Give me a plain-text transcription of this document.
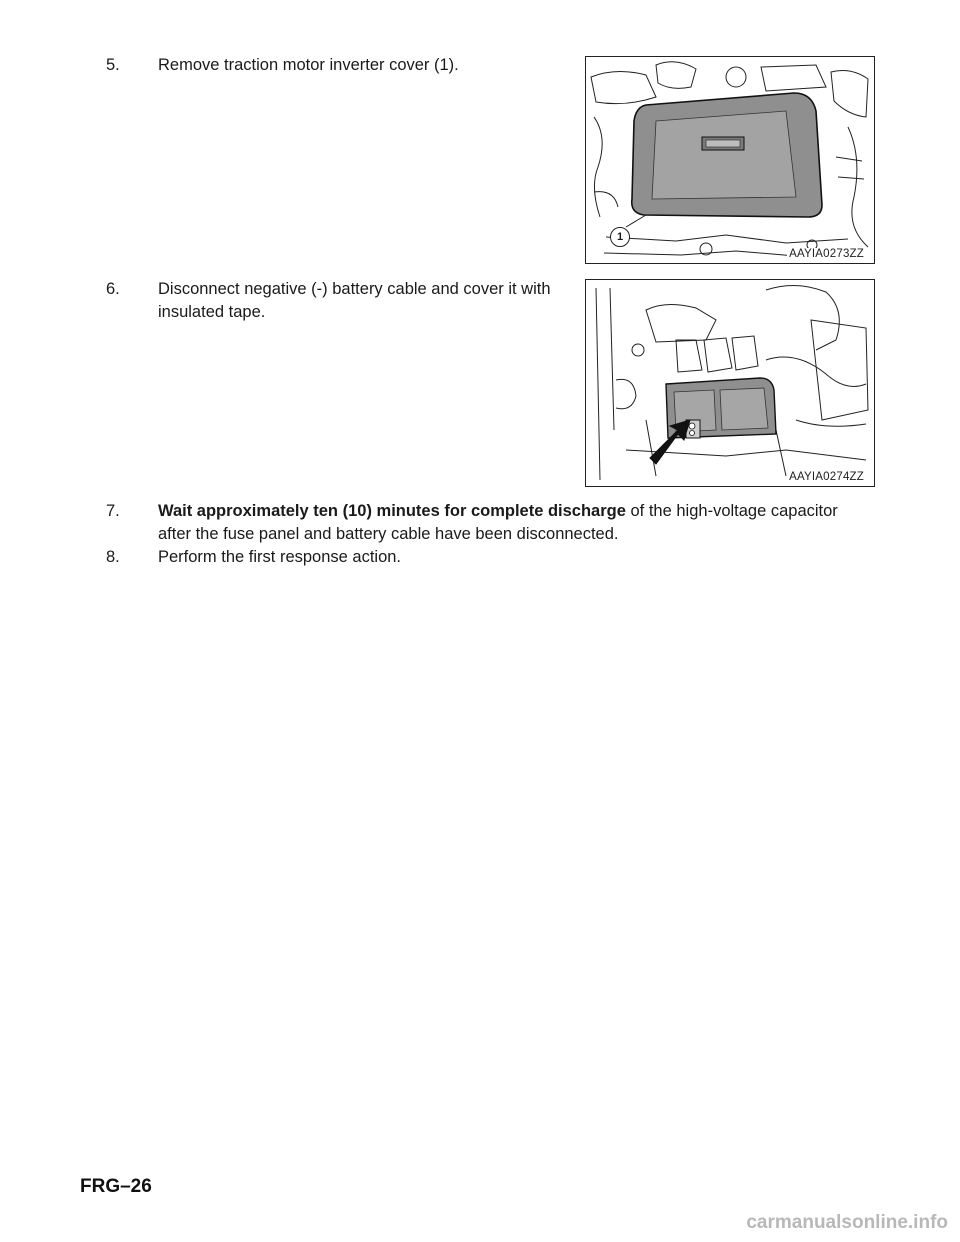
5. Remove traction motor inverter cover (1).
1
AAYIA0273ZZ
6. Disconnect negative (-) battery cable and cover it with
insulated tape.
AAYIA0274ZZ
7. Wait approximately ten (10) minutes for complete discharge of the high-voltage capacitor
after the fuse panel and battery cable have been disconnected.
8. Perform the first response action.
FRG–26
carmanualsonline.info
